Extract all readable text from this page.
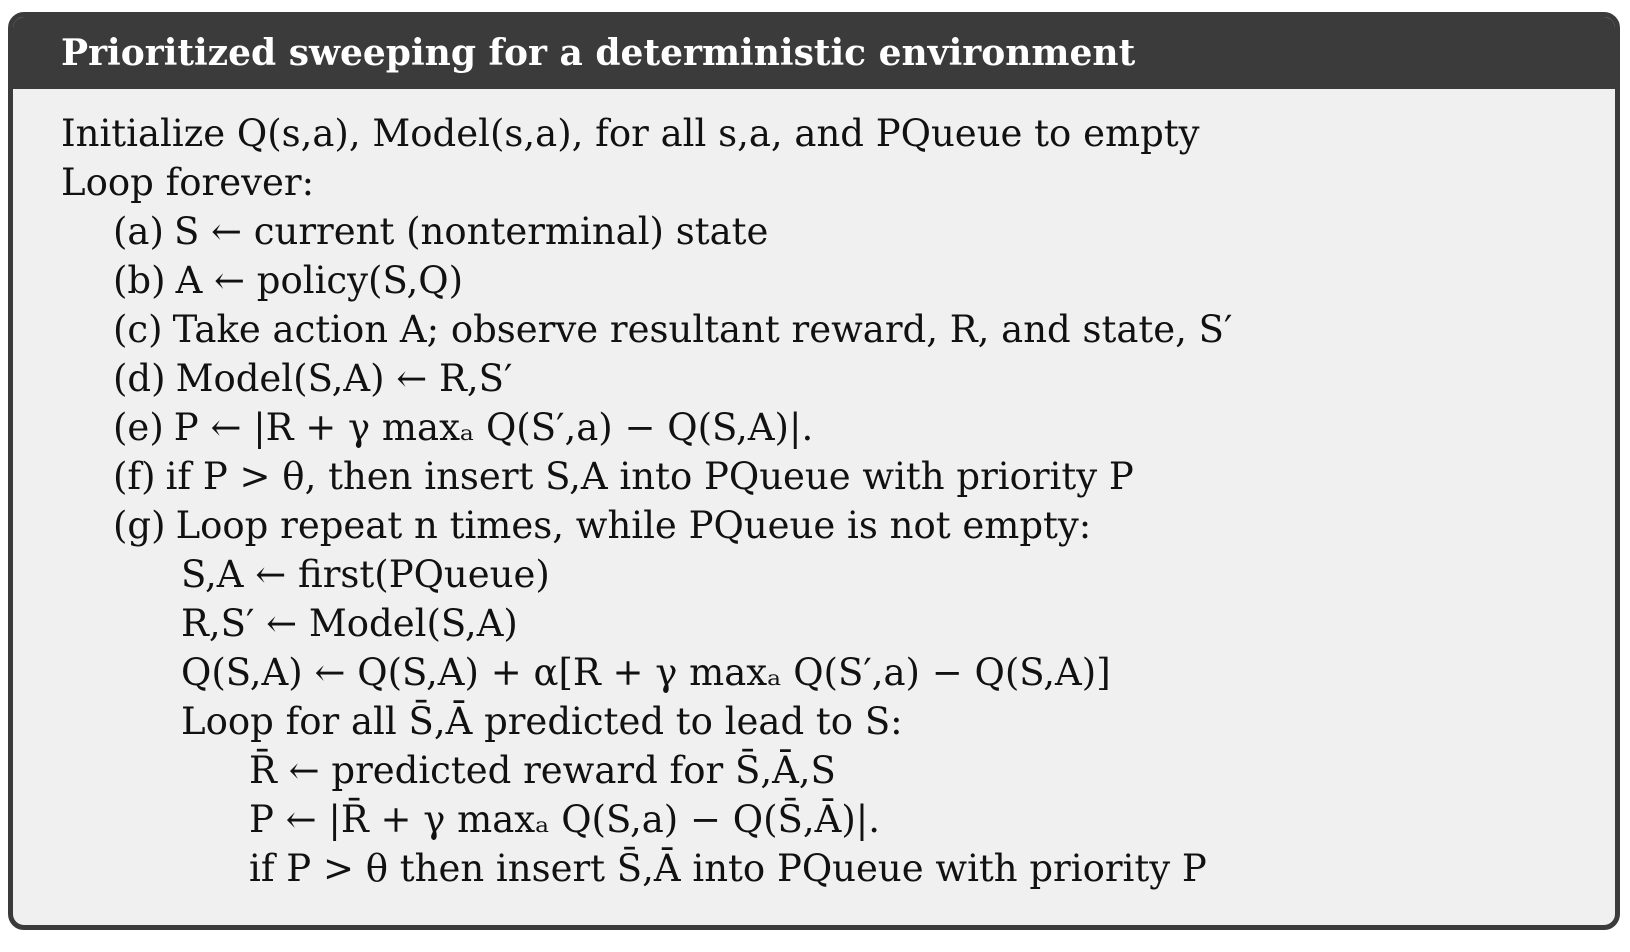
Prioritized sweeping for a deterministic environment
Initialize Q(s,a), Model(s,a), for all s,a, and PQueue to empty
Loop forever:
(a) S ← current (nonterminal) state
(b) A ← policy(S,Q)
(c) Take action A; observe resultant reward, R, and state, S′
(d) Model(S,A) ← R,S′
(e) P ← |R + γ maxₐ Q(S′,a) − Q(S,A)|.
(f) if P > θ, then insert S,A into PQueue with priority P
(g) Loop repeat n times, while PQueue is not empty:
S,A ← first(PQueue)
R,S′ ← Model(S,A)
Q(S,A) ← Q(S,A) + α[R + γ maxₐ Q(S′,a) − Q(S,A)]
Loop for all S̄,Ā predicted to lead to S:
R̄ ← predicted reward for S̄,Ā,S
P ← |R̄ + γ maxₐ Q(S,a) − Q(S̄,Ā)|.
if P > θ then insert S̄,Ā into PQueue with priority P
